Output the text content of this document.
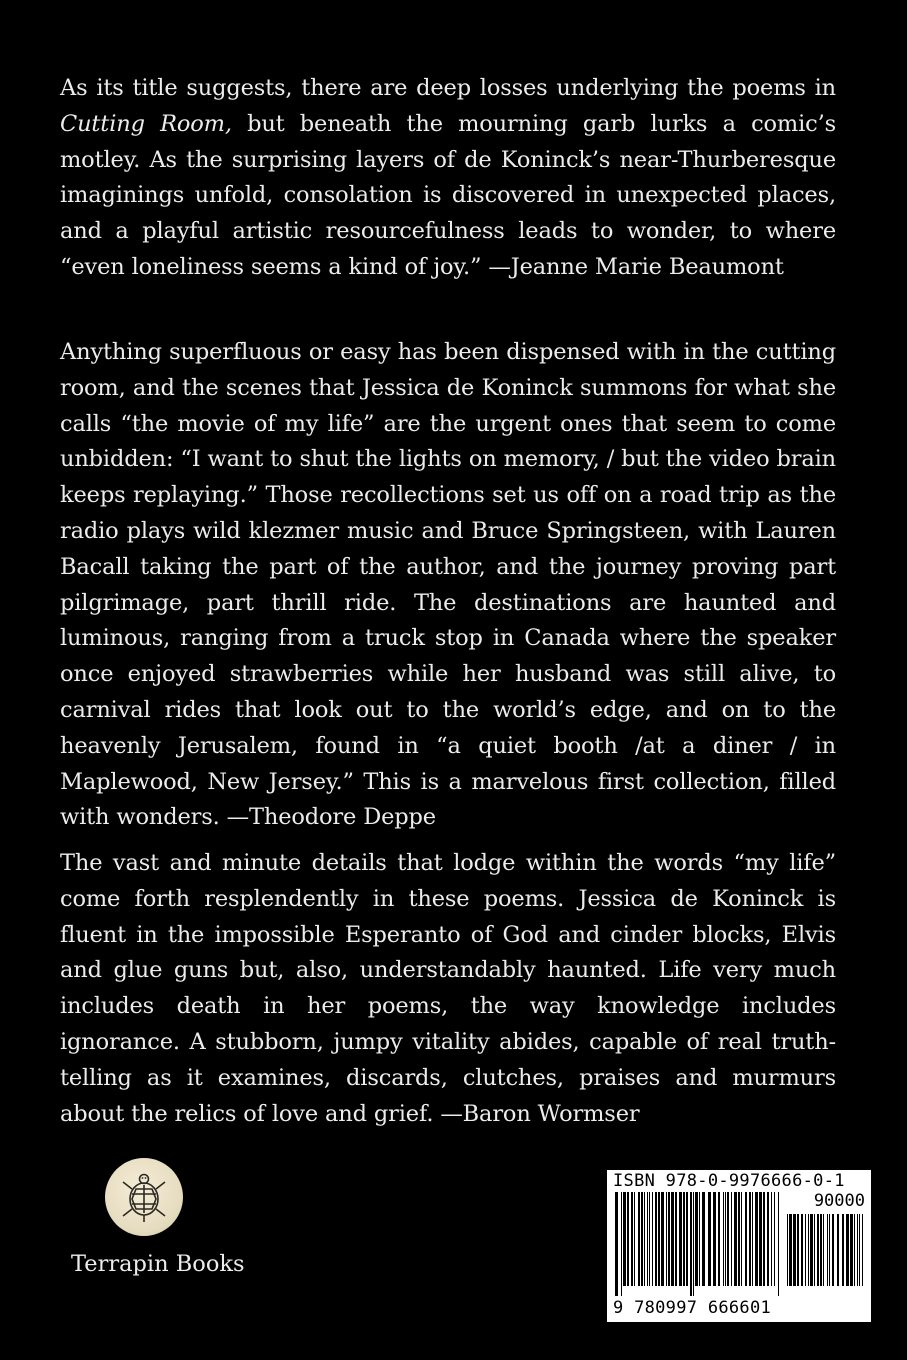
As its title suggests, there are deep losses underlying the poems in Cutting Room, but beneath the mourning garb lurks a comic’s motley. As the surprising layers of de Koninck’s near-Thurberesque imaginings unfold, consolation is discovered in unexpected places, and a playful artistic resourcefulness leads to wonder, to where “even loneliness seems a kind of joy.” —Jeanne Marie Beaumont

Anything superfluous or easy has been dispensed with in the cutting room, and the scenes that Jessica de Koninck summons for what she calls “the movie of my life” are the urgent ones that seem to come unbidden: “I want to shut the lights on memory, / but the video brain keeps replaying.” Those recollections set us off on a road trip as the radio plays wild klezmer music and Bruce Springsteen, with Lauren Bacall taking the part of the author, and the journey proving part pilgrimage, part thrill ride. The destinations are haunted and luminous, ranging from a truck stop in Canada where the speaker once enjoyed strawberries while her husband was still alive, to carnival rides that look out to the world’s edge, and on to the heavenly Jerusalem, found in “a quiet booth /at a diner / in Maplewood, New Jersey.” This is a marvelous first collection, filled with wonders. —Theodore Deppe

The vast and minute details that lodge within the words “my life” come forth resplendently in these poems. Jessica de Koninck is fluent in the impossible Esperanto of God and cinder blocks, Elvis and glue guns but, also, understandably haunted. Life very much includes death in her poems, the way knowledge includes ignorance. A stubborn, jumpy vitality abides, capable of real truth-telling as it examines, discards, clutches, praises and murmurs about the relics of love and grief. —Baron Wormser

Terrapin Books
ISBN 978-0-9976666-0-1
90000
9 780997 666601
